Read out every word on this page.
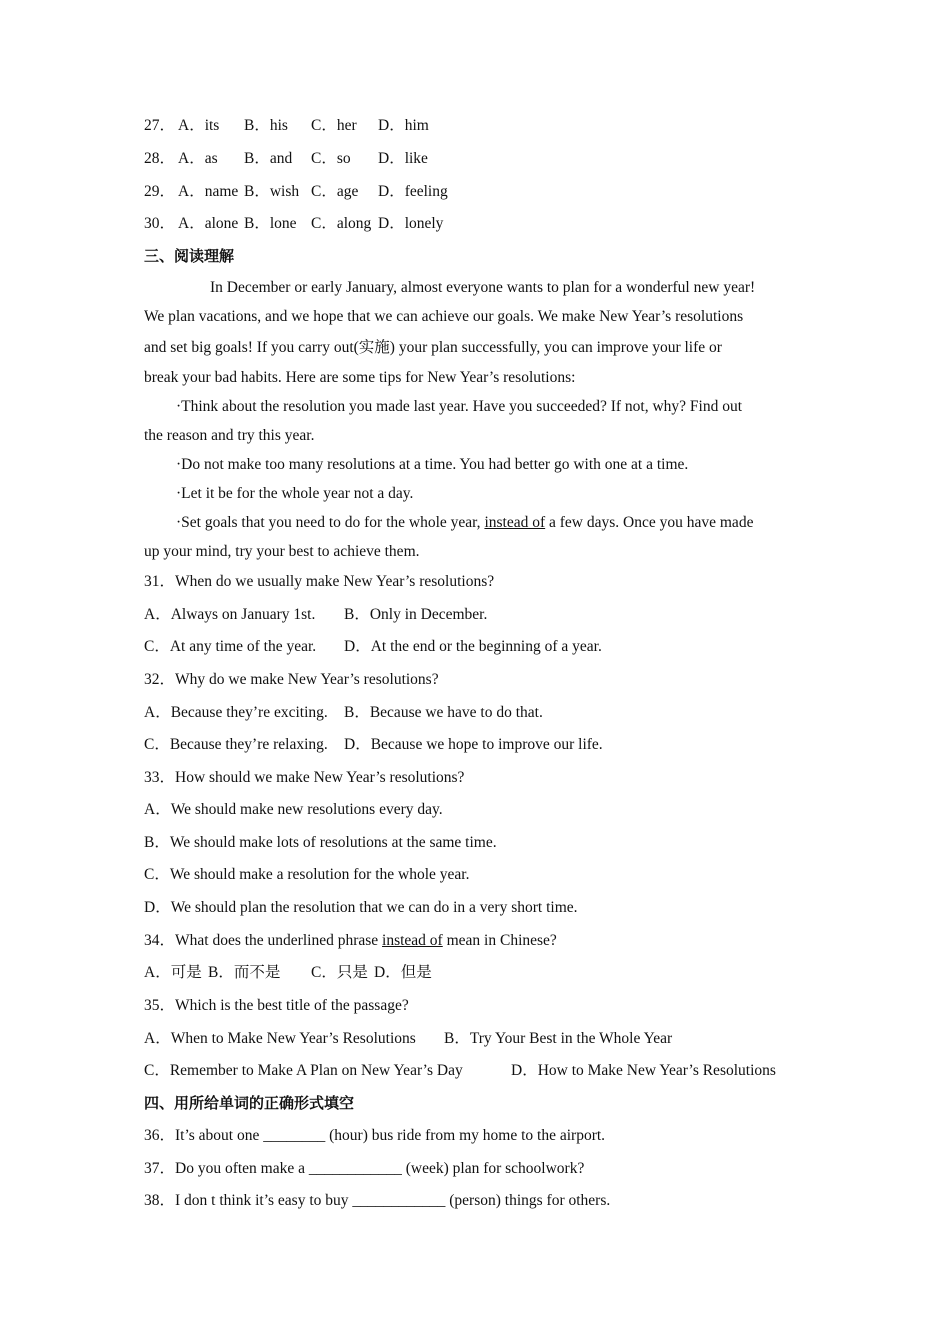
27． A．its B．his C．her D．him
28． A．as B．and C．so D．like
29． A．name B．wish C．age D．feeling
30． A．alone B．lone C．along D．lonely
三、阅读理解
In December or early January, almost everyone wants to plan for a wonderful new year!
We plan vacations, and we hope that we can achieve our goals. We make New Year’s resolutions
and set big goals! If you carry out(实施) your plan successfully, you can improve your life or
break your bad habits. Here are some tips for New Year’s resolutions:
·Think about the resolution you made last year. Have you succeeded? If not, why? Find out
the reason and try this year.
·Do not make too many resolutions at a time. You had better go with one at a time.
·Let it be for the whole year not a day.
·Set goals that you need to do for the whole year, instead of a few days. Once you have made
up your mind, try your best to achieve them.
31．When do we usually make New Year’s resolutions?
A．Always on January 1st. B．Only in December.
C．At any time of the year. D．At the end or the beginning of a year.
32．Why do we make New Year’s resolutions?
A．Because they’re exciting. B．Because we have to do that.
C．Because they’re relaxing. D．Because we hope to improve our life.
33．How should we make New Year’s resolutions?
A．We should make new resolutions every day.
B．We should make lots of resolutions at the same time.
C．We should make a resolution for the whole year.
D．We should plan the resolution that we can do in a very short time.
34．What does the underlined phrase instead of mean in Chinese?
A．可是 B．而不是 C．只是 D．但是
35．Which is the best title of the passage?
A．When to Make New Year’s Resolutions B．Try Your Best in the Whole Year
C．Remember to Make A Plan on New Year’s Day	D．How to Make New Year’s Resolutions
四、用所给单词的正确形式填空
36．It’s about one ________ (hour) bus ride from my home to the airport.
37．Do you often make a ____________ (week) plan for schoolwork?
38．I don t think it’s easy to buy ____________ (person) things for others.
